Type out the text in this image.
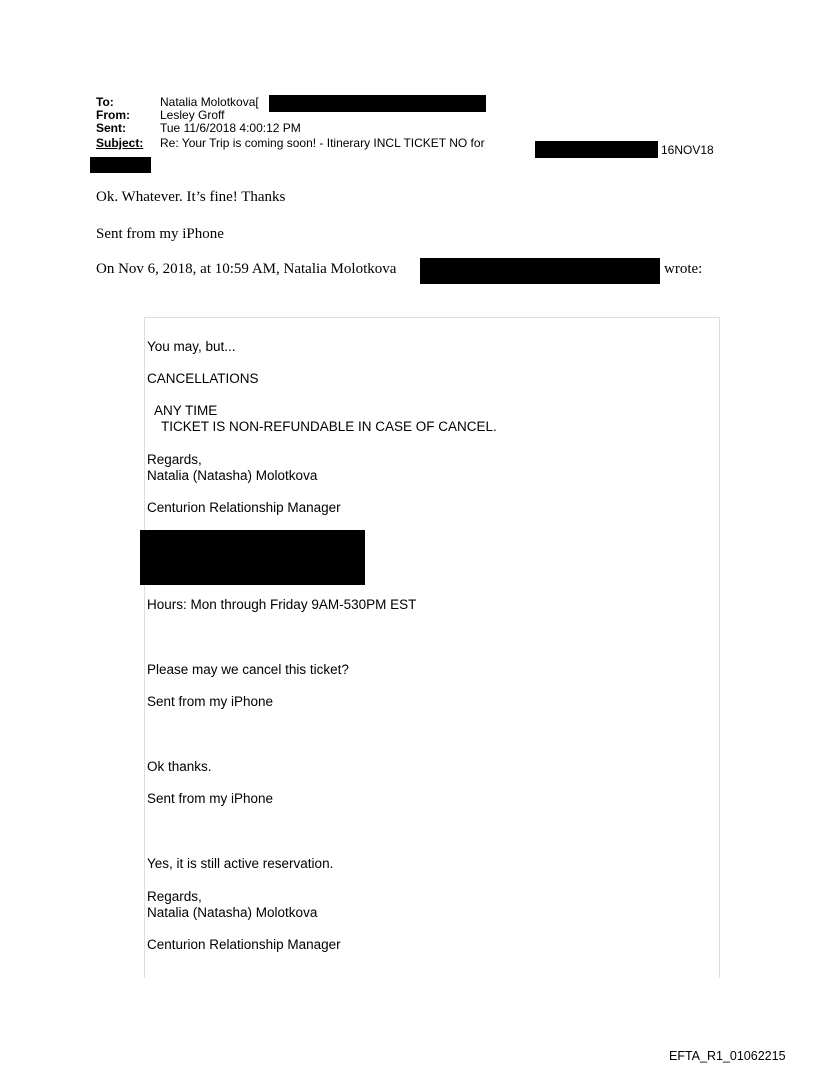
To:	Natalia Molotkova[
From:	Lesley Groff
Sent:	Tue 11/6/2018 4:00:12 PM
Subject: Re: Your Trip is coming soon! - Itinerary INCL TICKET NO for	16NOV18
Ok. Whatever. It’s fine! Thanks
Sent from my iPhone
On Nov 6, 2018, at 10:59 AM, Natalia Molotkova	wrote:
You may, but...
CANCELLATIONS
ANY TIME
TICKET IS NON-REFUNDABLE IN CASE OF CANCEL.
Regards,
Natalia (Natasha) Molotkova
Centurion Relationship Manager
Hours: Mon through Friday 9AM-530PM EST
Please may we cancel this ticket?
Sent from my iPhone
Ok thanks.
Sent from my iPhone
Yes, it is still active reservation.
Regards,
Natalia (Natasha) Molotkova
Centurion Relationship Manager
EFTA_R1_01062215
